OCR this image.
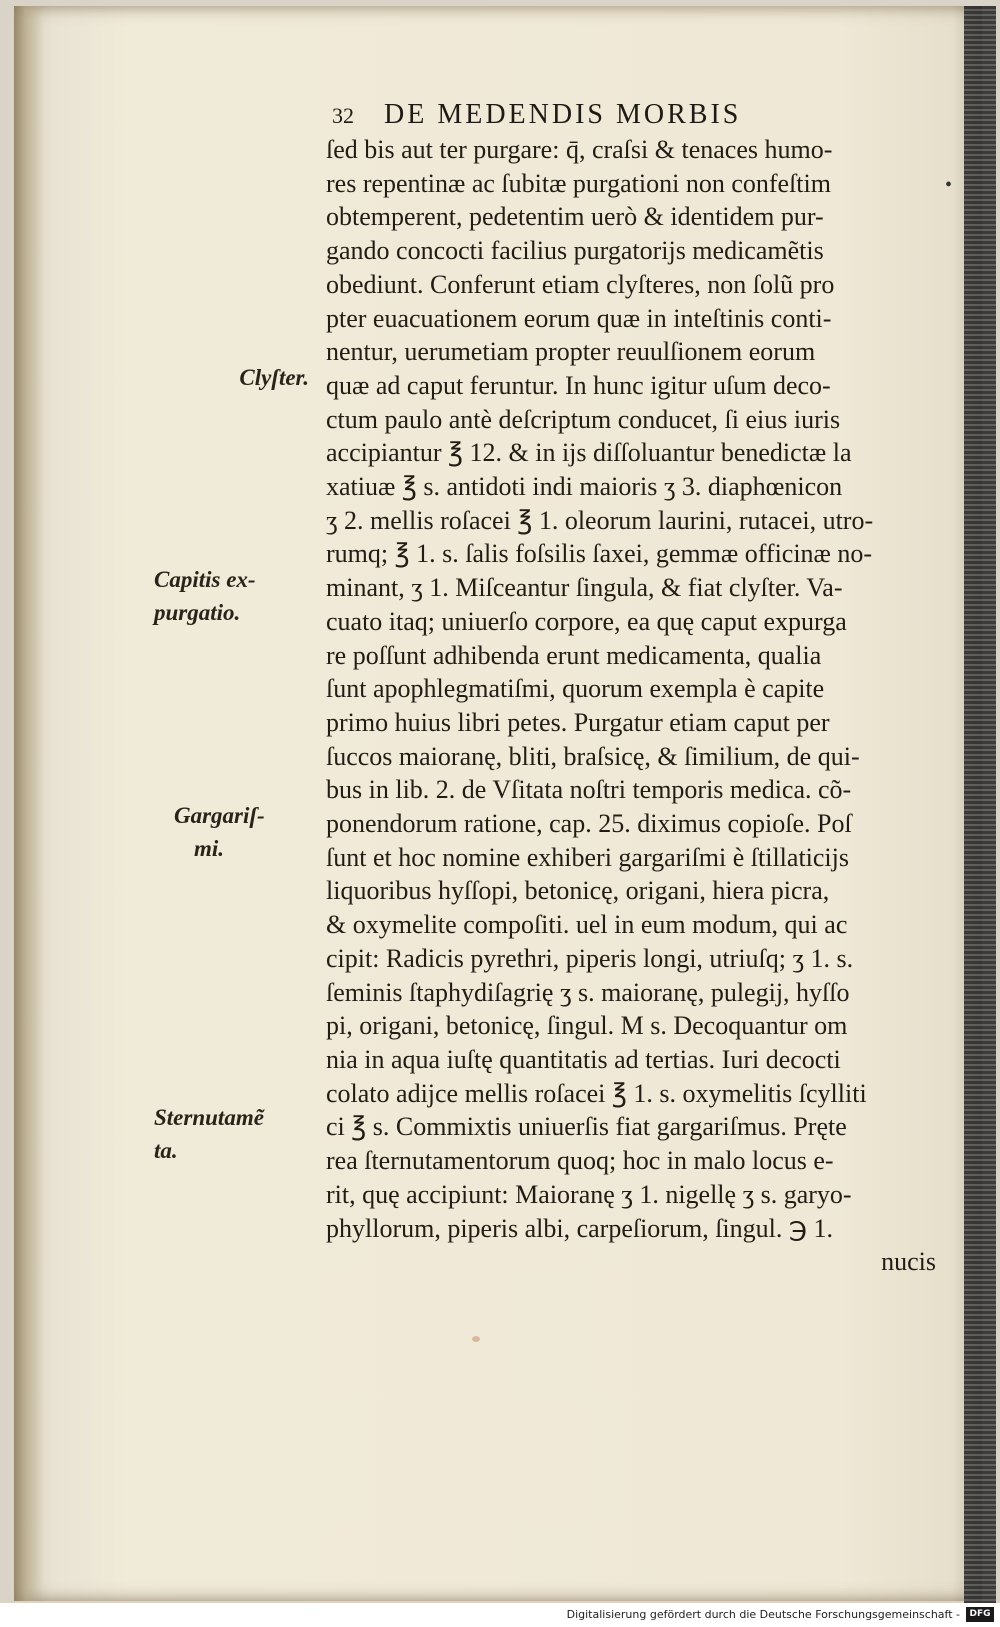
32 DE MEDENDIS MORBIS
ſed bis aut ter purgare: q̄, craſsi & tenaces humo-
res repentinæ ac ſubitæ purgationi non confeſtim
obtemperent, pedetentim uerò & identidem pur-
gando concocti facilius purgatorijs medicamẽtis
obediunt. Conferunt etiam clyſteres, non ſolũ pro
pter euacuationem eorum quæ in inteſtinis conti-
nentur, uerumetiam propter reuulſionem eorum
quæ ad caput feruntur. In hunc igitur uſum deco-
ctum paulo antè deſcriptum conducet, ſi eius iuris
accipiantur ℥ 12. & in ijs diſſoluantur benedictæ la
xatiuæ ℥ s. antidoti indi maioris ʒ 3. diaphœnicon
ʒ 2. mellis roſacei ℥ 1. oleorum laurini, rutacei, utro-
rumq; ℥ 1. s. ſalis foſsilis ſaxei, gemmæ officinæ no-
minant, ʒ 1. Miſceantur ſingula, & fiat clyſter. Va-
cuato itaq; uniuerſo corpore, ea quę caput expurga
re poſſunt adhibenda erunt medicamenta, qualia
ſunt apophlegmatiſmi, quorum exempla è capite
primo huius libri petes. Purgatur etiam caput per
ſuccos maioranę, bliti, braſsicę, & ſimilium, de qui-
bus in lib. 2. de Vſitata noſtri temporis medica. cõ-
ponendorum ratione, cap. 25. diximus copioſe. Poſ
ſunt et hoc nomine exhiberi gargariſmi è ſtillaticijs
liquoribus hyſſopi, betonicę, origani, hiera picra,
& oxymelite compoſiti. uel in eum modum, qui ac
cipit: Radicis pyrethri, piperis longi, utriuſq; ʒ 1. s.
ſeminis ſtaphydiſagrię ʒ s. maioranę, pulegij, hyſſo
pi, origani, betonicę, ſingul. M s. Decoquantur om
nia in aqua iuſtę quantitatis ad tertias. Iuri decocti
colato adijce mellis roſacei ℥ 1. s. oxymelitis ſcylliti
ci ℥ s. Commixtis uniuerſis fiat gargariſmus. Pręte
rea ſternutamentorum quoq; hoc in malo locus e-
rit, quę accipiunt: Maioranę ʒ 1. nigellę ʒ s. garyo-
phyllorum, piperis albi, carpeſiorum, ſingul. ℈ 1.
nucis
Clyſter.
Capitis ex-
purgatio.
Gargariſ-
mi.
Sternutamẽ
ta.
•
Digitalisierung gefördert durch die Deutsche Forschungsgemeinschaft -	DFG
